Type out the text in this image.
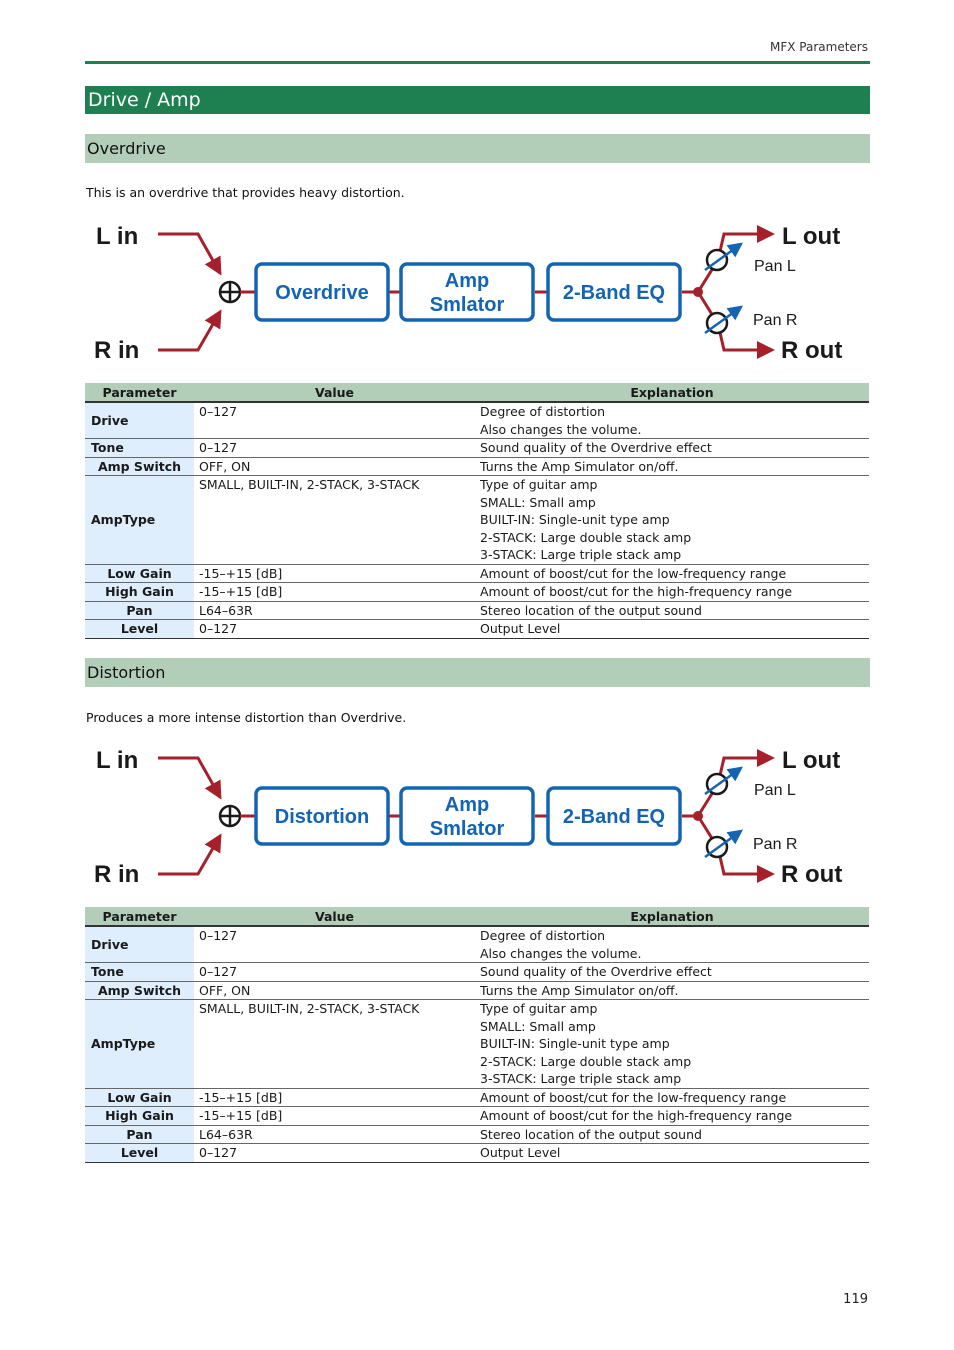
MFX Parameters
Drive / Amp
Overdrive
This is an overdrive that provides heavy distortion.
L in
R in
L out
R out
Pan L
Pan R
Overdrive	2-Band EQ
Amp
Smlator
Parameter	Value	Explanation
Drive	0–127	Degree of distortion
Also changes the volume.

Tone	0–127	Sound quality of the Overdrive effect

Amp Switch	OFF, ON	Turns the Amp Simulator on/off.

AmpType	SMALL, BUILT-IN, 2-STACK, 3-STACK	Type of guitar amp
SMALL: Small amp
BUILT-IN: Single-unit type amp
2-STACK: Large double stack amp
3-STACK: Large triple stack amp

Low Gain	-15–+15 [dB]	Amount of boost/cut for the low-frequency range

High Gain	-15–+15 [dB]	Amount of boost/cut for the high-frequency range

Pan	L64–63R	Stereo location of the output sound

Level	0–127	Output Level
Distortion
Produces a more intense distortion than Overdrive.
L in
R in
L out
R out
Pan L
Pan R
Distortion	2-Band EQ
Amp
Smlator
Parameter	Value	Explanation
Drive	0–127	Degree of distortion
Also changes the volume.

Tone	0–127	Sound quality of the Overdrive effect

Amp Switch	OFF, ON	Turns the Amp Simulator on/off.

AmpType	SMALL, BUILT-IN, 2-STACK, 3-STACK	Type of guitar amp
SMALL: Small amp
BUILT-IN: Single-unit type amp
2-STACK: Large double stack amp
3-STACK: Large triple stack amp

Low Gain	-15–+15 [dB]	Amount of boost/cut for the low-frequency range

High Gain	-15–+15 [dB]	Amount of boost/cut for the high-frequency range

Pan	L64–63R	Stereo location of the output sound

Level	0–127	Output Level
119
